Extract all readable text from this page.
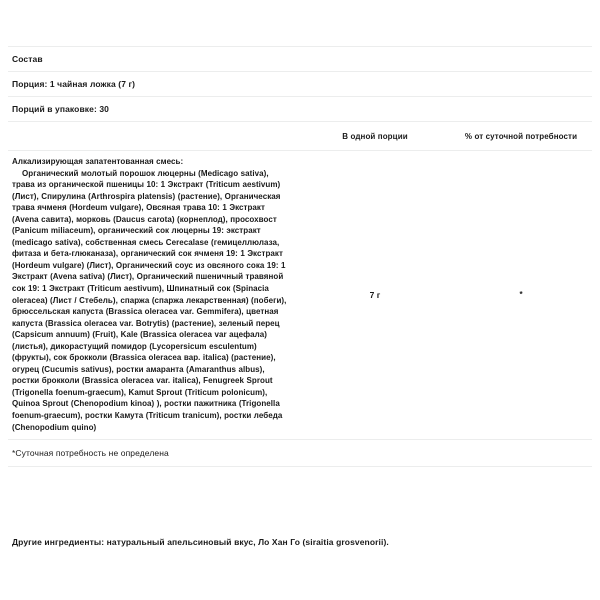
Состав		
Порция: 1 чайная ложка (7 г)		
Порций в упаковке: 30		
	В одной порции	% от суточной потребности

Алкализирующая запатентованная смесь:
Органический молотый порошок люцерны (Medicago sativa), трава из органической пшеницы 10: 1 Экстракт (Triticum aestivum) (Лист), Спирулина (Arthrospira platensis) (растение), Органическая трава ячменя (Hordeum vulgare), Овсяная трава 10: 1 Экстракт (Avena савита), морковь (Daucus carota) (корнеплод), просохвост (Panicum miliaceum), органический сок люцерны 19: экстракт (medicago sativa), собственная смесь Cerecalase (гемицеллюлаза, фитаза и бета-глюканаза), органический сок ячменя 19: 1 Экстракт (Hordeum vulgare) (Лист), Органический соус из овсяного сока 19: 1 Экстракт (Avena sativa) (Лист), Органический пшеничный травяной сок 19: 1 Экстракт (Triticum aestivum), Шпинатный сок (Spinacia oleracea) (Лист / Стебель), спаржа (спаржа лекарственная) (побеги), брюссельская капуста (Brassica oleracea var. Gemmifera), цветная капуста (Brassica oleracea var. Botrytis) (растение), зеленый перец (Capsicum annuum) (Fruit), Kale (Brassica oleracea var ацефала) (листья), дикорастущий помидор (Lycopersicum esculentum) (фрукты), сок брокколи (Brassica oleracea вар. italica) (растение), огурец (Cucumis sativus), ростки амаранта (Amaranthus albus), ростки брокколи (Brassica oleracea var. italica), Fenugreek Sprout (Trigonella foenum-graecum), Kamut Sprout (Triticum polonicum), Quinoa Sprout (Chenopodium kinoa) ), ростки пажитника (Trigonella foenum-graecum), ростки Камута (Triticum tranicum), ростки лебеда (Chenopodium quino)	7 г	*
*Суточная потребность не определена		

Другие ингредиенты: натуральный апельсиновый вкус, Ло Хан Го (siraitia grosvenorii).
